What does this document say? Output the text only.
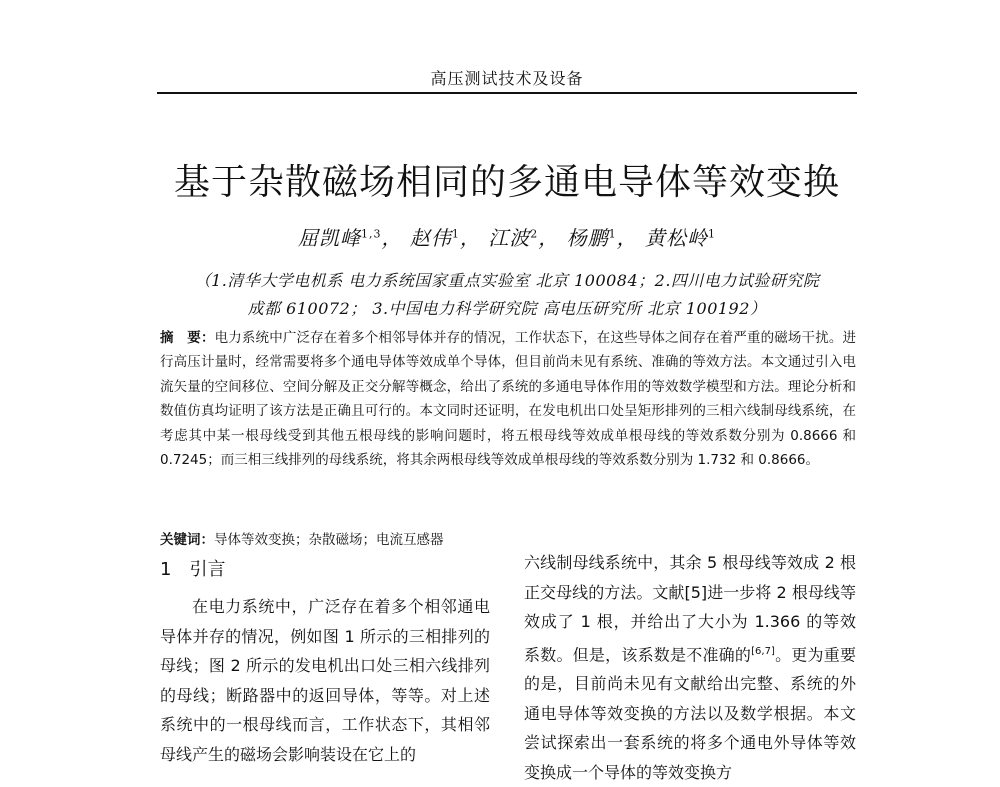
高压测试技术及设备
基于杂散磁场相同的多通电导体等效变换
屈凯峰$^{1,3}$， 赵伟$^1$， 江波$^2$， 杨鹏$^1$， 黄松岭$^1$
（1.清华大学电机系 电力系统国家重点实验室 北京 100084；2.四川电力试验研究院
成都 610072； 3.中国电力科学研究院 高电压研究所 北京 100192）
摘　要：电力系统中广泛存在着多个相邻导体并存的情况，工作状态下，在这些导体之间存在着严重的磁场干扰。进行高压计量时，经常需要将多个通电导体等效成单个导体，但目前尚未见有系统、准确的等效方法。本文通过引入电流矢量的空间移位、空间分解及正交分解等概念，给出了系统的多通电导体作用的等效数学模型和方法。理论分析和数值仿真均证明了该方法是正确且可行的。本文同时还证明，在发电机出口处呈矩形排列的三相六线制母线系统，在考虑其中某一根母线受到其他五根母线的影响问题时，将五根母线等效成单根母线的等效系数分别为 0.8666 和 0.7245；而三相三线排列的母线系统，将其余两根母线等效成单根母线的等效系数分别为 1.732 和 0.8666。
关键词：导体等效变换；杂散磁场；电流互感器
1　引言
在电力系统中，广泛存在着多个相邻通电导体并存的情况，例如图 1 所示的三相排列的母线；图 2 所示的发电机出口处三相六线排列的母线；断路器中的返回导体，等等。对上述系统中的一根母线而言，工作状态下，其相邻母线产生的磁场会影响装设在它上的
六线制母线系统中，其余 5 根母线等效成 2 根正交母线的方法。文献[5]进一步将 2 根母线等效成了 1 根，并给出了大小为 1.366 的等效系数。但是，该系数是不准确的[6,7]。更为重要的是，目前尚未见有文献给出完整、系统的外通电导体等效变换的方法以及数学根据。本文尝试探索出一套系统的将多个通电外导体等效变换成一个导体的等效变换方
